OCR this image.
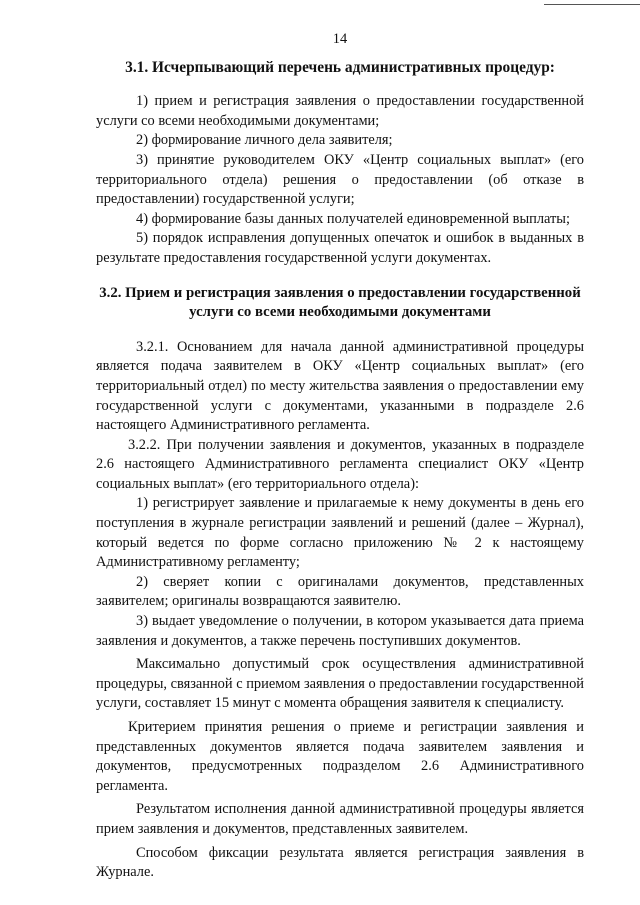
14
3.1. Исчерпывающий перечень административных процедур:

1) прием и регистрация заявления о предоставлении государственной услуги со всеми необходимыми документами;

2) формирование личного дела заявителя;

3) принятие руководителем ОКУ «Центр социальных выплат» (его территориального отдела) решения о предоставлении (об отказе в предоставлении) государственной услуги;

4) формирование базы данных получателей единовременной выплаты;

5) порядок исправления допущенных опечаток и ошибок в выданных в результате предоставления государственной услуги документах.

3.2. Прием и регистрация заявления о предоставлении государственной услуги со всеми необходимыми документами

3.2.1. Основанием для начала данной административной процедуры является подача заявителем в ОКУ «Центр социальных выплат» (его территориальный отдел) по месту жительства заявления о предоставлении ему государственной услуги с документами, указанными в подразделе 2.6 настоящего Административного регламента.

3.2.2. При получении заявления и документов, указанных в подразделе 2.6 настоящего Административного регламента специалист ОКУ «Центр социальных выплат» (его территориального отдела):

1) регистрирует заявление и прилагаемые к нему документы в день его поступления в журнале регистрации заявлений и решений (далее – Журнал), который ведется по форме согласно приложению № 2 к настоящему Административному регламенту;

2) сверяет копии с оригиналами документов, представленных заявителем; оригиналы возвращаются заявителю.

3) выдает уведомление о получении, в котором указывается дата приема заявления и документов, а также перечень поступивших документов.

Максимально допустимый срок осуществления административной процедуры, связанной с приемом заявления о предоставлении государственной услуги, составляет 15 минут с момента обращения заявителя к специалисту.

Критерием принятия решения о приеме и регистрации заявления и представленных документов является подача заявителем заявления и документов, предусмотренных подразделом 2.6 Административного регламента.

Результатом исполнения данной административной процедуры является прием заявления и документов, представленных заявителем.

Способом фиксации результата является регистрация заявления в Журнале.
